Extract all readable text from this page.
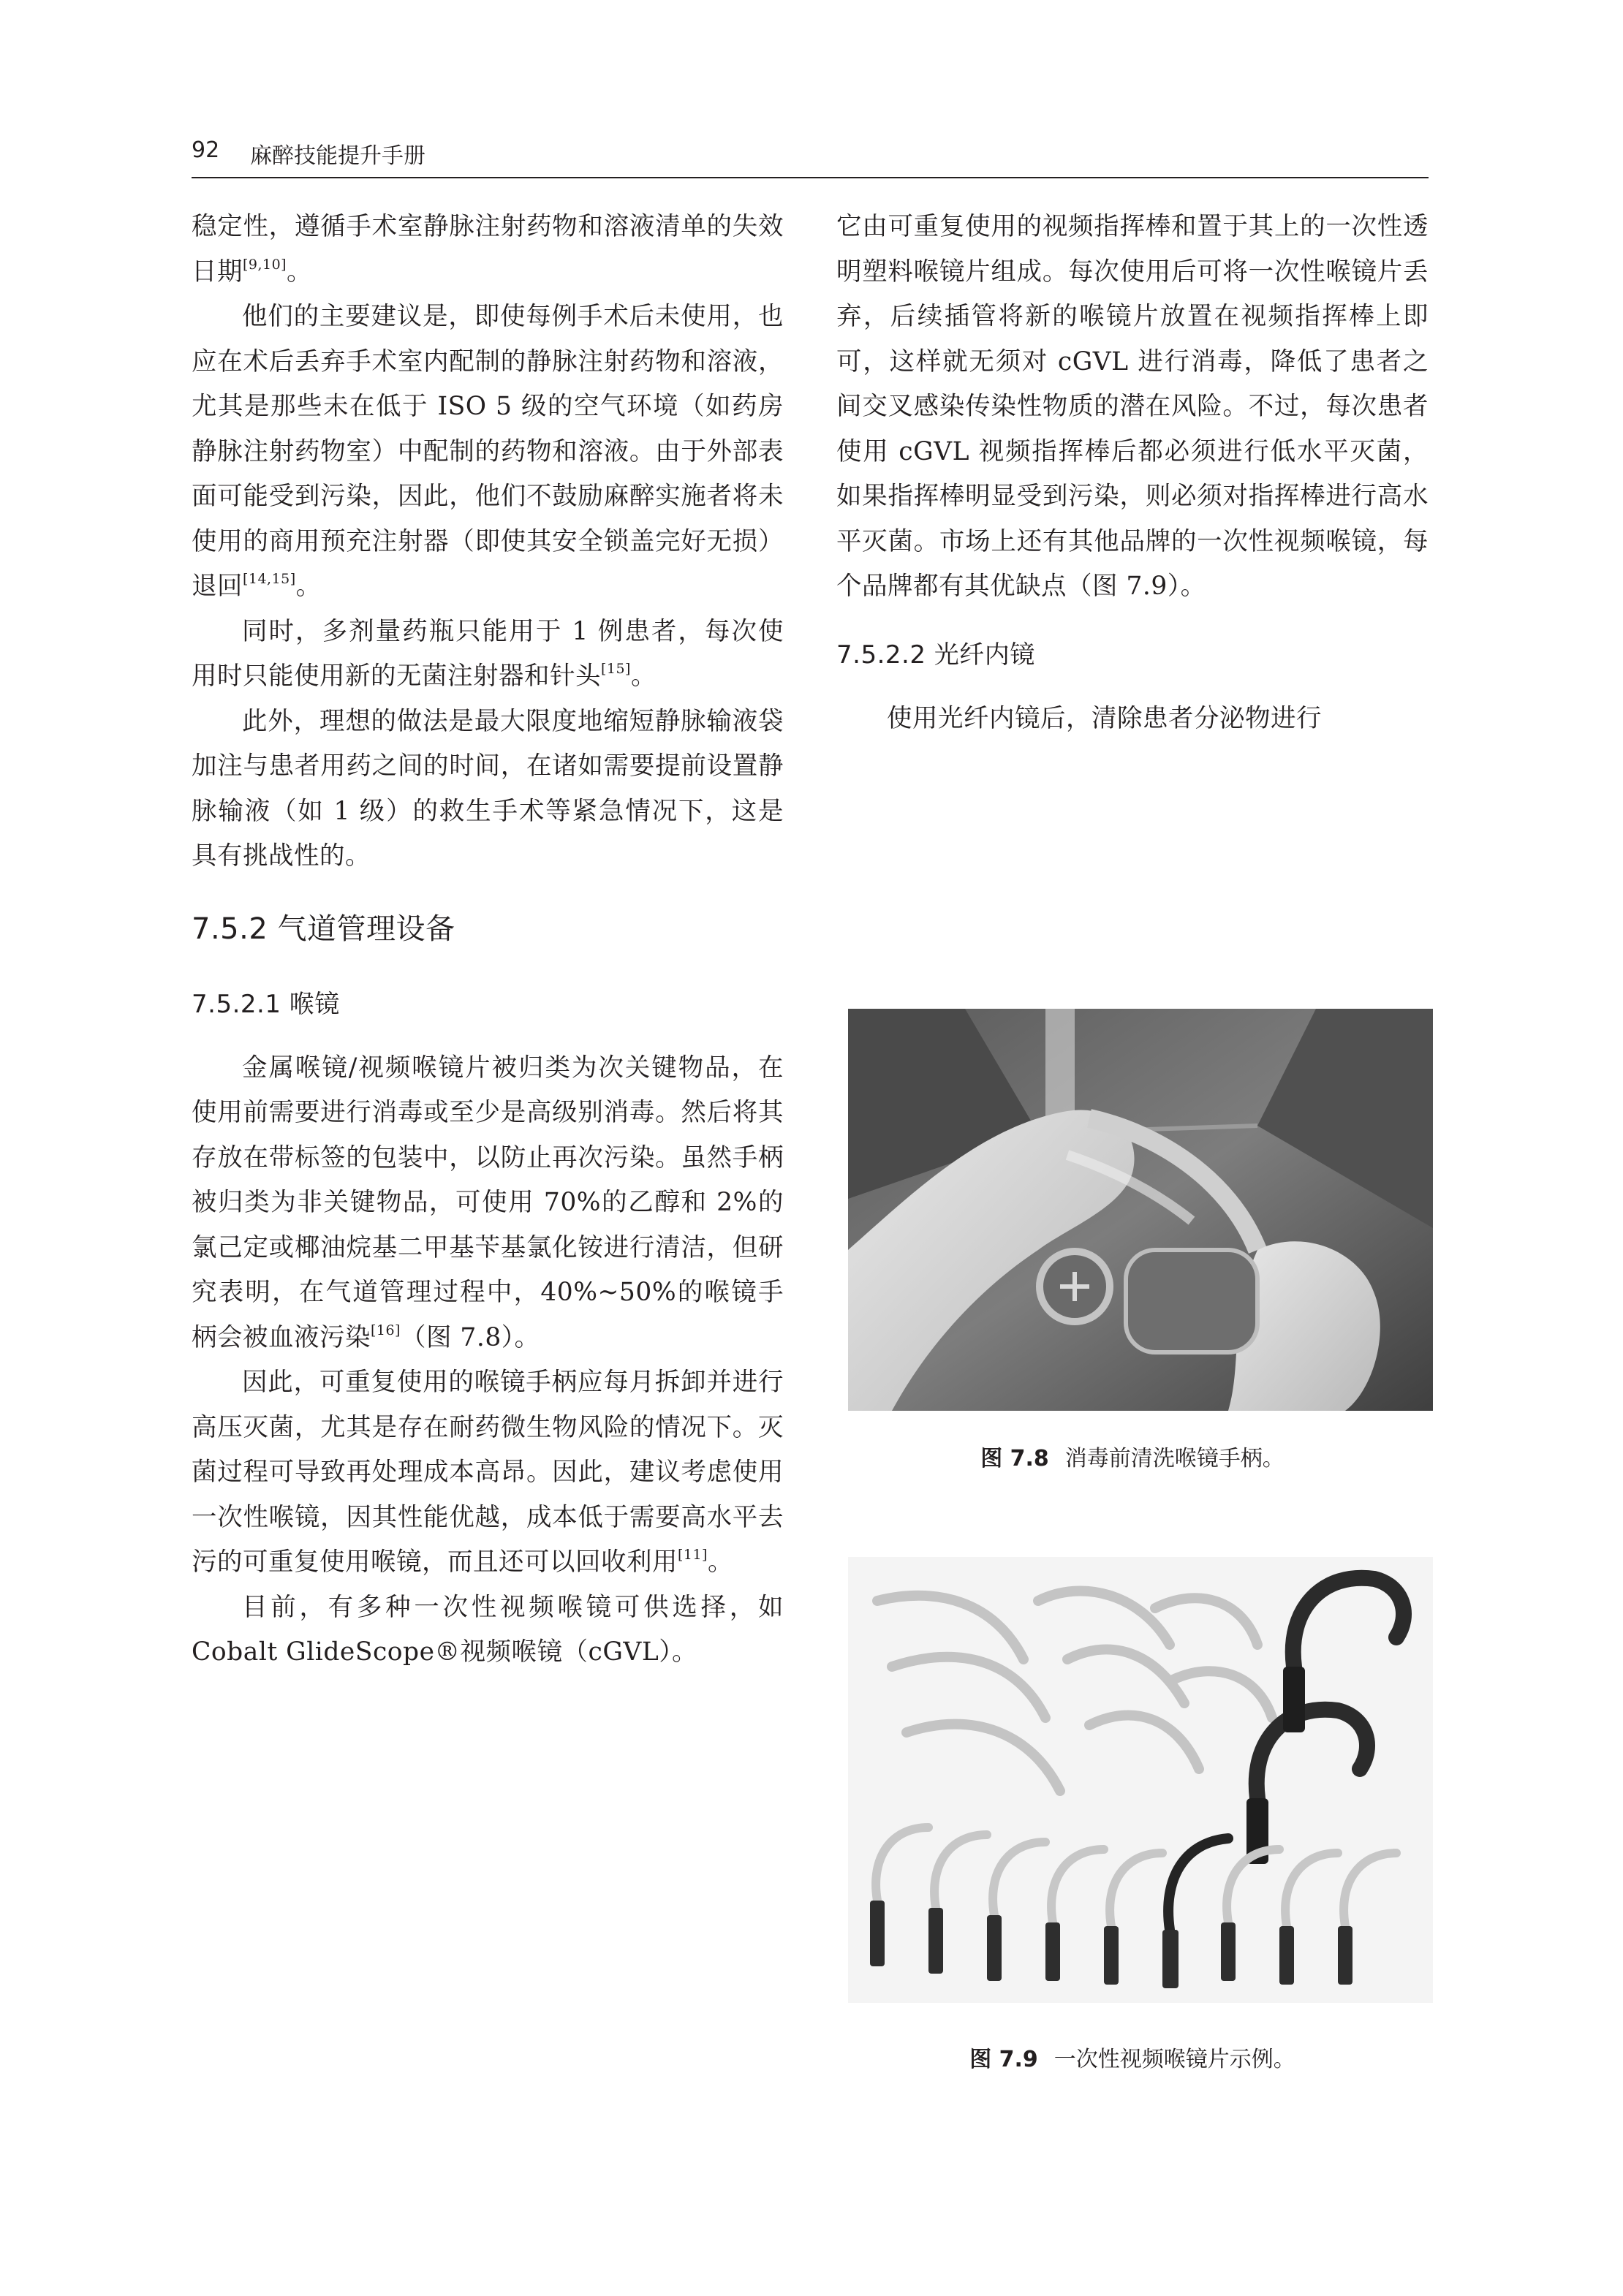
92 麻醉技能提升手册

稳定性，遵循手术室静脉注射药物和溶液清单的失效日期[9,10]。

他们的主要建议是，即使每例手术后未使用，也应在术后丢弃手术室内配制的静脉注射药物和溶液，尤其是那些未在低于 ISO 5 级的空气环境（如药房静脉注射药物室）中配制的药物和溶液。由于外部表面可能受到污染，因此，他们不鼓励麻醉实施者将未使用的商用预充注射器（即使其安全锁盖完好无损）退回[14,15]。

同时，多剂量药瓶只能用于 1 例患者，每次使用时只能使用新的无菌注射器和针头[15]。

此外，理想的做法是最大限度地缩短静脉输液袋加注与患者用药之间的时间，在诸如需要提前设置静脉输液（如 1 级）的救生手术等紧急情况下，这是具有挑战性的。

7.5.2 气道管理设备
7.5.2.1 喉镜

金属喉镜/视频喉镜片被归类为次关键物品，在使用前需要进行消毒或至少是高级别消毒。然后将其存放在带标签的包装中，以防止再次污染。虽然手柄被归类为非关键物品，可使用 70%的乙醇和 2%的氯己定或椰油烷基二甲基苄基氯化铵进行清洁，但研究表明，在气道管理过程中，40%~50%的喉镜手柄会被血液污染[16]（图 7.8）。

因此，可重复使用的喉镜手柄应每月拆卸并进行高压灭菌，尤其是存在耐药微生物风险的情况下。灭菌过程可导致再处理成本高昂。因此，建议考虑使用一次性喉镜，因其性能优越，成本低于需要高水平去污的可重复使用喉镜，而且还可以回收利用[11]。

目前，有多种一次性视频喉镜可供选择，如 Cobalt GlideScope®视频喉镜（cGVL）。

它由可重复使用的视频指挥棒和置于其上的一次性透明塑料喉镜片组成。每次使用后可将一次性喉镜片丢弃，后续插管将新的喉镜片放置在视频指挥棒上即可，这样就无须对 cGVL 进行消毒，降低了患者之间交叉感染传染性物质的潜在风险。不过，每次患者使用 cGVL 视频指挥棒后都必须进行低水平灭菌，如果指挥棒明显受到污染，则必须对指挥棒进行高水平灭菌。市场上还有其他品牌的一次性视频喉镜，每个品牌都有其优缺点（图 7.9）。

7.5.2.2 光纤内镜

使用光纤内镜后，清除患者分泌物进行

图 7.8 消毒前清洗喉镜手柄。
图 7.9 一次性视频喉镜片示例。
